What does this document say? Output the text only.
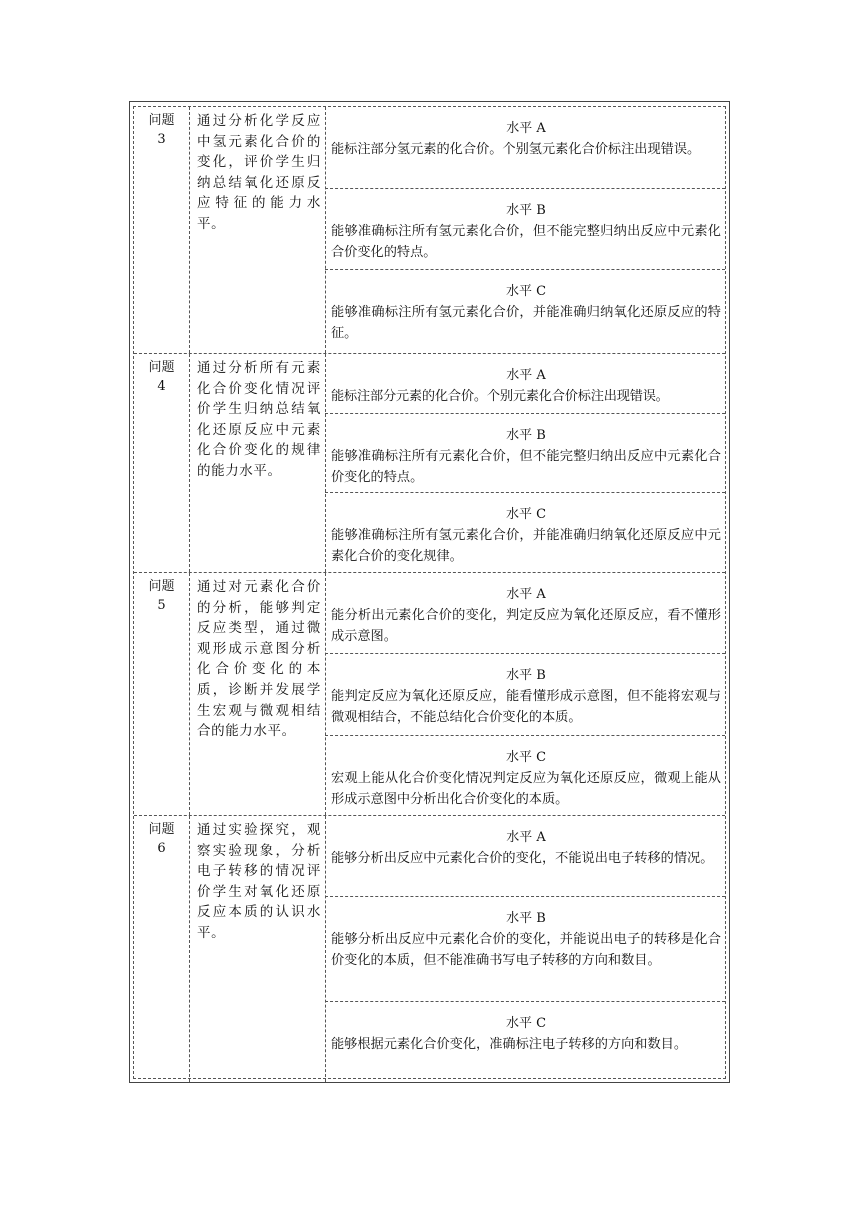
问题
3
通过分析化学反应中氢元素化合价的变化，评价学生归纳总结氧化还原反应特征的能力水平。
水平 A
能标注部分氢元素的化合价。个别氢元素化合价标注出现错误。
水平 B
能够准确标注所有氢元素化合价，但不能完整归纳出反应中元素化合价变化的特点。
水平 C
能够准确标注所有氢元素化合价，并能准确归纳氧化还原反应的特征。
问题
4
通过分析所有元素化合价变化情况评价学生归纳总结氧化还原反应中元素化合价变化的规律的能力水平。
水平 A
能标注部分元素的化合价。个别元素化合价标注出现错误。
水平 B
能够准确标注所有元素化合价，但不能完整归纳出反应中元素化合价变化的特点。
水平 C
能够准确标注所有氢元素化合价，并能准确归纳氧化还原反应中元素化合价的变化规律。
问题
5
通过对元素化合价的分析，能够判定反应类型，通过微观形成示意图分析化合价变化的本质，诊断并发展学生宏观与微观相结合的能力水平。
水平 A
能分析出元素化合价的变化，判定反应为氧化还原反应，看不懂形成示意图。
水平 B
能判定反应为氧化还原反应，能看懂形成示意图，但不能将宏观与微观相结合，不能总结化合价变化的本质。
水平 C
宏观上能从化合价变化情况判定反应为氧化还原反应，微观上能从形成示意图中分析出化合价变化的本质。
问题
6
通过实验探究，观察实验现象，分析电子转移的情况评价学生对氧化还原反应本质的认识水平。
水平 A
能够分析出反应中元素化合价的变化，不能说出电子转移的情况。
水平 B
能够分析出反应中元素化合价的变化，并能说出电子的转移是化合价变化的本质，但不能准确书写电子转移的方向和数目。
水平 C
能够根据元素化合价变化，准确标注电子转移的方向和数目。
